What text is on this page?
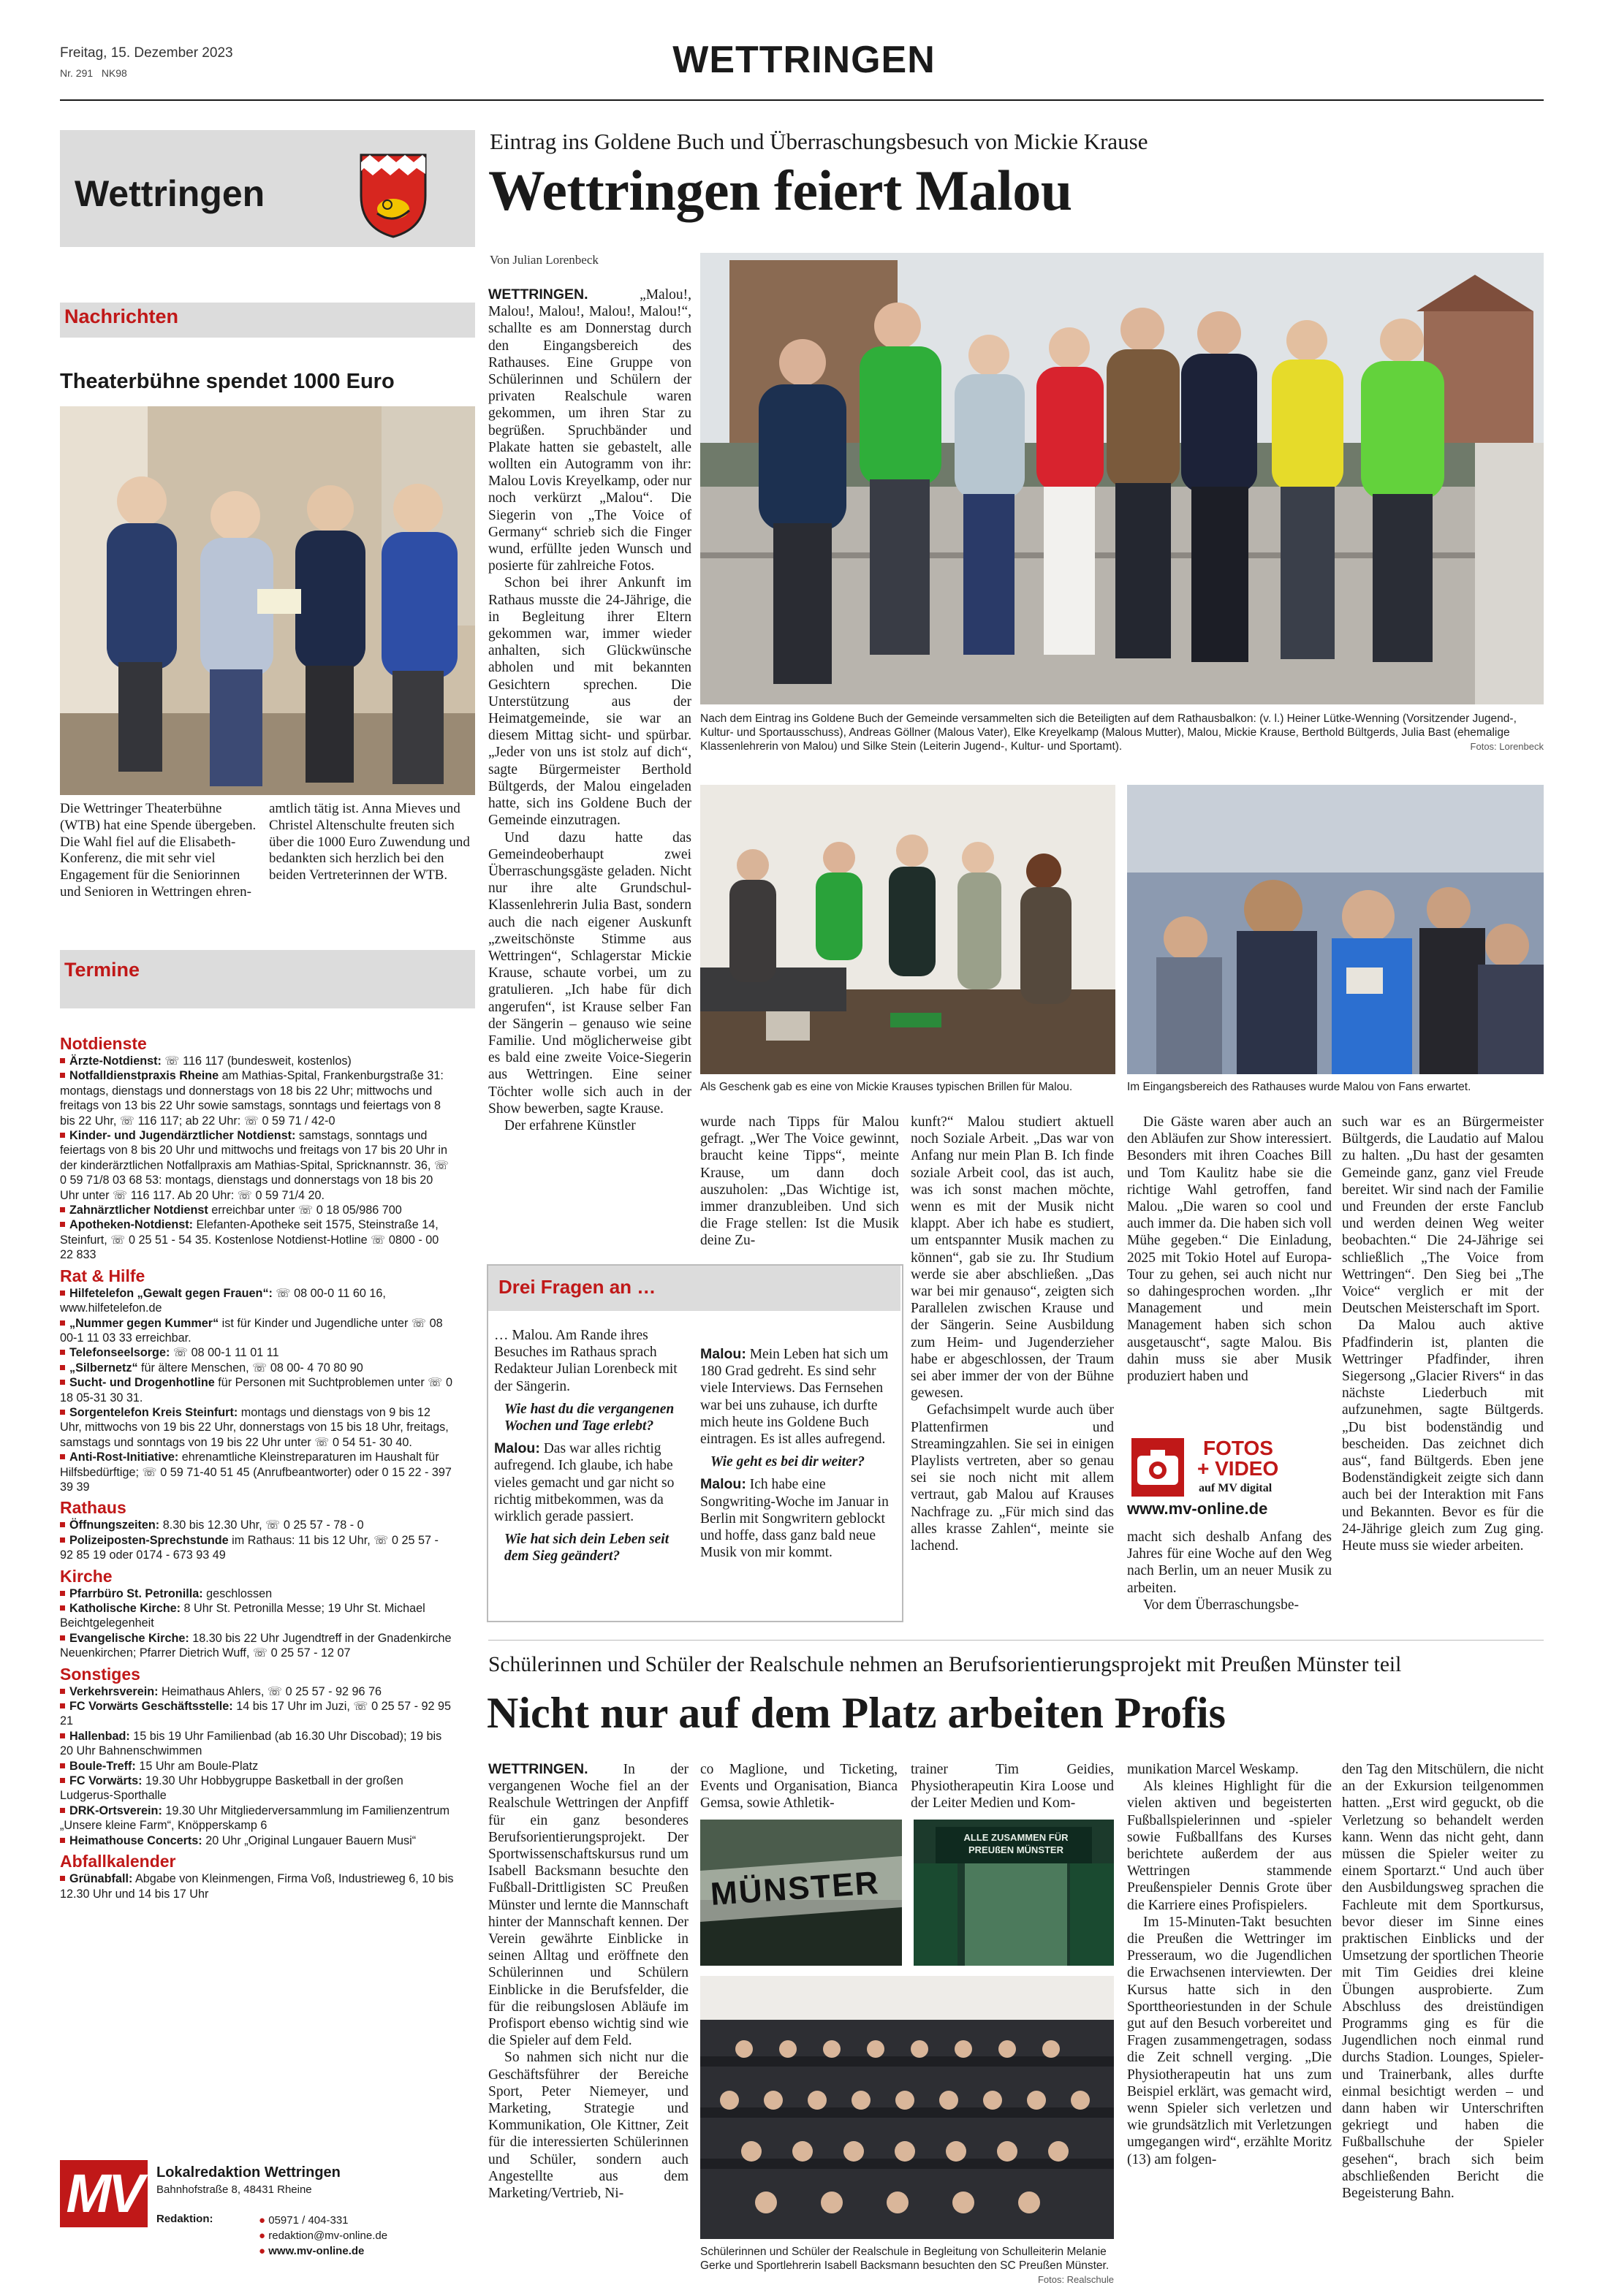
Freitag, 15. Dezember 2023
Nr. 291 NK98	WETTRINGEN
Wettringen
Nachrichten
Theaterbühne spendet 1000 Euro
Die Wettringer Theaterbühne (WTB) hat eine Spende übergeben. Die Wahl fiel auf die Elisabeth-Konferenz, die mit sehr viel Engagement für die Seniorinnen und Senioren in Wettringen ehren-
amtlich tätig ist. Anna Mieves und Christel Altenschulte freuten sich über die 1000 Euro Zuwendung und bedankten sich herzlich bei den beiden Vertreterinnen der WTB.
Termine
Notdienste
Ärzte-Notdienst: ☏ 116 117 (bundesweit, kostenlos)
Notfalldienstpraxis Rheine am Mathias-Spital, Frankenburgstraße 31: montags, dienstags und donnerstags von 18 bis 22 Uhr; mittwochs und freitags von 13 bis 22 Uhr sowie samstags, sonntags und feiertags von 8 bis 22 Uhr, ☏ 116 117; ab 22 Uhr: ☏ 0 59 71 / 42-0
Kinder- und Jugendärztlicher Notdienst: samstags, sonntags und feiertags von 8 bis 20 Uhr und mittwochs und freitags von 17 bis 20 Uhr in der kinderärztlichen Notfallpraxis am Mathias-Spital, Spricknannstr. 36, ☏ 0 59 71/8 03 68 53: montags, dienstags und donnerstags von 18 bis 20 Uhr unter ☏ 116 117. Ab 20 Uhr: ☏ 0 59 71/4 20.
Zahnärztlicher Notdienst erreichbar unter ☏ 0 18 05/986 700
Apotheken-Notdienst: Elefanten-Apotheke seit 1575, Steinstraße 14, Steinfurt, ☏ 0 25 51 - 54 35. Kostenlose Notdienst-Hotline ☏ 0800 - 00 22 833
Rat & Hilfe
Hilfetelefon „Gewalt gegen Frauen“: ☏ 08 00-0 11 60 16, www.hilfetelefon.de
„Nummer gegen Kummer“ ist für Kinder und Jugendliche unter ☏ 08 00-1 11 03 33 erreichbar.
Telefonseelsorge: ☏ 08 00-1 11 01 11
„Silbernetz“ für ältere Menschen, ☏ 08 00- 4 70 80 90
Sucht- und Drogenhotline für Personen mit Suchtproblemen unter ☏ 0 18 05-31 30 31.
Sorgentelefon Kreis Steinfurt: montags und dienstags von 9 bis 12 Uhr, mittwochs von 19 bis 22 Uhr, donnerstags von 15 bis 18 Uhr, freitags, samstags und sonntags von 19 bis 22 Uhr unter ☏ 0 54 51- 30 40.
Anti-Rost-Initiative: ehrenamtliche Kleinstreparaturen im Haushalt für Hilfsbedürftige; ☏ 0 59 71-40 51 45 (Anrufbeantworter) oder 0 15 22 - 397 39 39
Rathaus
Öffnungszeiten: 8.30 bis 12.30 Uhr, ☏ 0 25 57 - 78 - 0
Polizeiposten-Sprechstunde im Rathaus: 11 bis 12 Uhr, ☏ 0 25 57 - 92 85 19 oder 0174 - 673 93 49
Kirche
Pfarrbüro St. Petronilla: geschlossen
Katholische Kirche: 8 Uhr St. Petronilla Messe; 19 Uhr St. Michael Beichtgelegenheit
Evangelische Kirche: 18.30 bis 22 Uhr Jugendtreff in der Gnadenkirche Neuenkirchen; Pfarrer Dietrich Wuff, ☏ 0 25 57 - 12 07
Sonstiges
Verkehrsverein: Heimathaus Ahlers, ☏ 0 25 57 - 92 96 76
FC Vorwärts Geschäftsstelle: 14 bis 17 Uhr im Juzi, ☏ 0 25 57 - 92 95 21
Hallenbad: 15 bis 19 Uhr Familienbad (ab 16.30 Uhr Discobad); 19 bis 20 Uhr Bahnenschwimmen
Boule-Treff: 15 Uhr am Boule-Platz
FC Vorwärts: 19.30 Uhr Hobbygruppe Basketball in der großen Ludgerus-Sporthalle
DRK-Ortsverein: 19.30 Uhr Mitgliederversammlung im Familienzentrum „Unsere kleine Farm“, Knöpperskamp 6
Heimathouse Concerts: 20 Uhr „Original Lungauer Bauern Musi“
Abfallkalender
Grünabfall: Abgabe von Kleinmengen, Firma Voß, Industrieweg 6, 10 bis 12.30 Uhr und 14 bis 17 Uhr
MV	Lokalredaktion Wettringen
Bahnhofstraße 8, 48431 Rheine
Redaktion:	● 05971 / 404-331
● redaktion@mv-online.de
● www.mv-online.de
Eintrag ins Goldene Buch und Überraschungsbesuch von Mickie Krause
Wettringen feiert Malou
Von Julian Lorenbeck

WETTRINGEN. „Malou!, Malou!, Malou!, Malou!, Malou!“, schallte es am Donnerstag durch den Eingangsbereich des Rathauses. Eine Gruppe von Schülerinnen und Schülern der privaten Realschule waren gekommen, um ihren Star zu begrüßen. Spruchbänder und Plakate hatten sie gebastelt, alle wollten ein Autogramm von ihr: Malou Lovis Kreyelkamp, oder nur noch verkürzt „Malou“. Die Siegerin von „The Voice of Germany“ schrieb sich die Finger wund, erfüllte jeden Wunsch und posierte für zahlreiche Fotos.

Schon bei ihrer Ankunft im Rathaus musste die 24-Jährige, die in Begleitung ihrer Eltern gekommen war, immer wieder anhalten, sich Glückwünsche abholen und mit bekannten Gesichtern sprechen. Die Unterstützung aus der Heimatgemeinde, sie war an diesem Mittag sicht- und spürbar. „Jeder von uns ist stolz auf dich“, sagte Bürgermeister Berthold Bültgerds, der Malou eingeladen hatte, sich ins Goldene Buch der Gemeinde einzutragen.

Und dazu hatte das Gemeindeoberhaupt zwei Überraschungsgäste geladen. Nicht nur ihre alte Grundschul-Klassenlehrerin Julia Bast, sondern auch die nach eigener Auskunft „zweitschönste Stimme aus Wettringen“, Schlagerstar Mickie Krause, schaute vorbei, um zu gratulieren. „Ich habe für dich angerufen“, ist Krause selber Fan der Sängerin – genauso wie seine Familie. Und möglicherweise gibt es bald eine zweite Voice-Siegerin aus Wettringen. Eine seiner Töchter wolle sich auch in der Show bewerben, sagte Krause.

Der erfahrene Künstler

Nach dem Eintrag ins Goldene Buch der Gemeinde versammelten sich die Beteiligten auf dem Rathausbalkon: (v. l.) Heiner Lütke-Wenning (Vorsitzender Jugend-, Kultur- und Sportausschuss), Andreas Göllner (Malous Vater), Elke Kreyelkamp (Malous Mutter), Malou, Mickie Krause, Berthold Bültgerds, Julia Bast (ehemalige Klassenlehrerin von Malou) und Silke Stein (Leiterin Jugend-, Kultur- und Sportamt).	Fotos: Lorenbeck
Als Geschenk gab es eine von Mickie Krauses typischen Brillen für Malou.	Im Eingangsbereich des Rathauses wurde Malou von Fans erwartet.
wurde nach Tipps für Malou gefragt. „Wer The Voice gewinnt, braucht keine Tipps“, meinte Krause, um dann doch auszuholen: „Das Wichtige ist, immer dranzubleiben. Und sich die Frage stellen: Ist die Musik deine Zu-

kunft?“ Malou studiert aktuell noch Soziale Arbeit. „Das war von Anfang nur mein Plan B. Ich finde soziale Arbeit cool, das ist auch, was ich sonst machen möchte, wenn es mit der Musik nicht klappt. Aber ich habe es studiert, um entspannter Musik machen zu können“, gab sie zu. Ihr Studium werde sie aber abschließen. „Das war bei mir genauso“, zeigten sich Parallelen zwischen Krause und der Sängerin. Seine Ausbildung zum Heim- und Jugenderzieher habe er abgeschlossen, der Traum sei aber immer der von der Bühne gewesen.

Gefachsimpelt wurde auch über Plattenfirmen und Streamingzahlen. Sie sei in einigen Playlists vertreten, aber so genau sei sie noch nicht mit allem vertraut, gab Malou auf Krauses Nachfrage zu. „Für mich sind das alles krasse Zahlen“, meinte sie lachend.

Die Gäste waren aber auch an den Abläufen zur Show interessiert. Besonders mit ihren Coaches Bill und Tom Kaulitz habe sie die richtige Wahl getroffen, fand Malou. „Die waren so cool und auch immer da. Die haben sich voll Mühe gegeben.“ Die Einladung, 2025 mit Tokio Hotel auf Europa-Tour zu gehen, sei auch nicht nur so dahingesprochen worden. „Ihr Management und mein Management haben sich schon ausgetauscht“, sagte Malou. Bis dahin muss sie aber Musik produziert haben und

FOTOS
+ VIDEO
auf MV digital
www.mv-online.de

macht sich deshalb Anfang des Jahres für eine Woche auf den Weg nach Berlin, um an neuer Musik zu arbeiten.

Vor dem Überraschungsbe-

such war es an Bürgermeister Bültgerds, die Laudatio auf Malou zu halten. „Du hast der gesamten Gemeinde ganz, ganz viel Freude bereitet. Wir sind nach der Familie und Freunden der erste Fanclub und werden deinen Weg weiter beobachten.“ Die 24-Jährige sei schließlich „The Voice from Wettringen“. Den Sieg bei „The Voice“ verglich er mit der Deutschen Meisterschaft im Sport.

Da Malou auch aktive Pfadfinderin ist, planten die Wettringer Pfadfinder, ihren Siegersong „Glacier Rivers“ in das nächste Liederbuch mit aufzunehmen, sagte Bültgerds. „Du bist bodenständig und bescheiden. Das zeichnet dich aus“, fand Bültgerds. Eben jene Bodenständigkeit zeigte sich dann auch bei der Interaktion mit Fans und Bekannten. Bevor es für die 24-Jährige gleich zum Zug ging. Heute muss sie wieder arbeiten.

Drei Fragen an …

… Malou. Am Rande ihres Besuches im Rathaus sprach Redakteur Julian Lorenbeck mit der Sängerin.

Wie hast du die vergangenen Wochen und Tage erlebt?

Malou: Das war alles richtig aufregend. Ich glaube, ich habe vieles gemacht und gar nicht so richtig mitbekommen, was da wirklich gerade passiert.

Wie hat sich dein Leben seit dem Sieg geändert?

Malou: Mein Leben hat sich um 180 Grad gedreht. Es sind sehr viele Interviews. Das Fernsehen war bei uns zuhause, ich durfte mich heute ins Goldene Buch eintragen. Es ist alles aufregend.

Wie geht es bei dir weiter?

Malou: Ich habe eine Songwriting-Woche im Januar in Berlin mit Songwritern geblockt und hoffe, dass ganz bald neue Musik von mir kommt.

Schülerinnen und Schüler der Realschule nehmen an Berufsorientierungsprojekt mit Preußen Münster teil
Nicht nur auf dem Platz arbeiten Profis

WETTRINGEN. In der vergangenen Woche fiel an der Realschule Wettringen der Anpfiff für ein ganz besonderes Berufsorientierungsprojekt. Der Sportwissenschaftskursus rund um Isabell Backsmann besuchte den Fußball-Drittligisten SC Preußen Münster und lernte die Mannschaft hinter der Mannschaft kennen. Der Verein gewährte Einblicke in seinen Alltag und eröffnete den Schülerinnen und Schülern Einblicke in die Berufsfelder, die für die reibungslosen Abläufe im Profisport ebenso wichtig sind wie die Spieler auf dem Feld.

So nahmen sich nicht nur die Geschäftsführer der Bereiche Sport, Peter Niemeyer, und Marketing, Strategie und Kommunikation, Ole Kittner, Zeit für die interessierten Schülerinnen und Schüler, sondern auch Angestellte aus dem Marketing/Vertrieb, Ni-

co Maglione, und Ticketing, Events und Organisation, Bianca Gemsa, sowie Athletik-
trainer Tim Geidies, Physiotherapeutin Kira Loose und der Leiter Medien und Kom-
MÜNSTER
ALLE ZUSAMMEN FÜR PREUßEN MÜNSTER
Schülerinnen und Schüler der Realschule in Begleitung von Schulleiterin Melanie Gerke und Sportlehrerin Isabell Backsmann besuchten den SC Preußen Münster.
Fotos: Realschule

munikation Marcel Weskamp.

Als kleines Highlight für die vielen aktiven und begeisterten Fußballspielerinnen und -spieler sowie Fußballfans des Kurses berichtete außerdem der aus Wettringen stammende Preußenspieler Dennis Grote über die Karriere eines Profispielers.

Im 15-Minuten-Takt besuchten die Preußen die Wettringer im Presseraum, wo die Jugendlichen die Erwachsenen interviewten. Der Kursus hatte sich in den Sporttheoriestunden in der Schule gut auf den Besuch vorbereitet und Fragen zusammengetragen, sodass die Zeit schnell verging. „Die Physiotherapeutin hat uns zum Beispiel erklärt, was gemacht wird, wenn Spieler sich verletzen und wie grundsätzlich mit Verletzungen umgegangen wird“, erzählte Moritz (13) am folgen-

den Tag den Mitschülern, die nicht an der Exkursion teilgenommen hatten. „Erst wird geguckt, ob die Verletzung so behandelt werden kann. Wenn das nicht geht, dann müssen die Spieler weiter zu einem Sportarzt.“ Und auch über den Ausbildungsweg sprachen die Fachleute mit dem Sportkursus, bevor dieser im Sinne eines praktischen Einblicks und der Umsetzung der sportlichen Theorie mit Tim Geidies drei kleine Übungen ausprobierte. Zum Abschluss des dreistündigen Programms ging es für die Jugendlichen noch einmal rund durchs Stadion. Lounges, Spieler- und Trainerbank, alles durfte einmal besichtigt werden – und dann haben wir Unterschriften gekriegt und haben die Fußballschuhe der Spieler gesehen“, brach sich beim abschließenden Bericht die Begeisterung Bahn.
